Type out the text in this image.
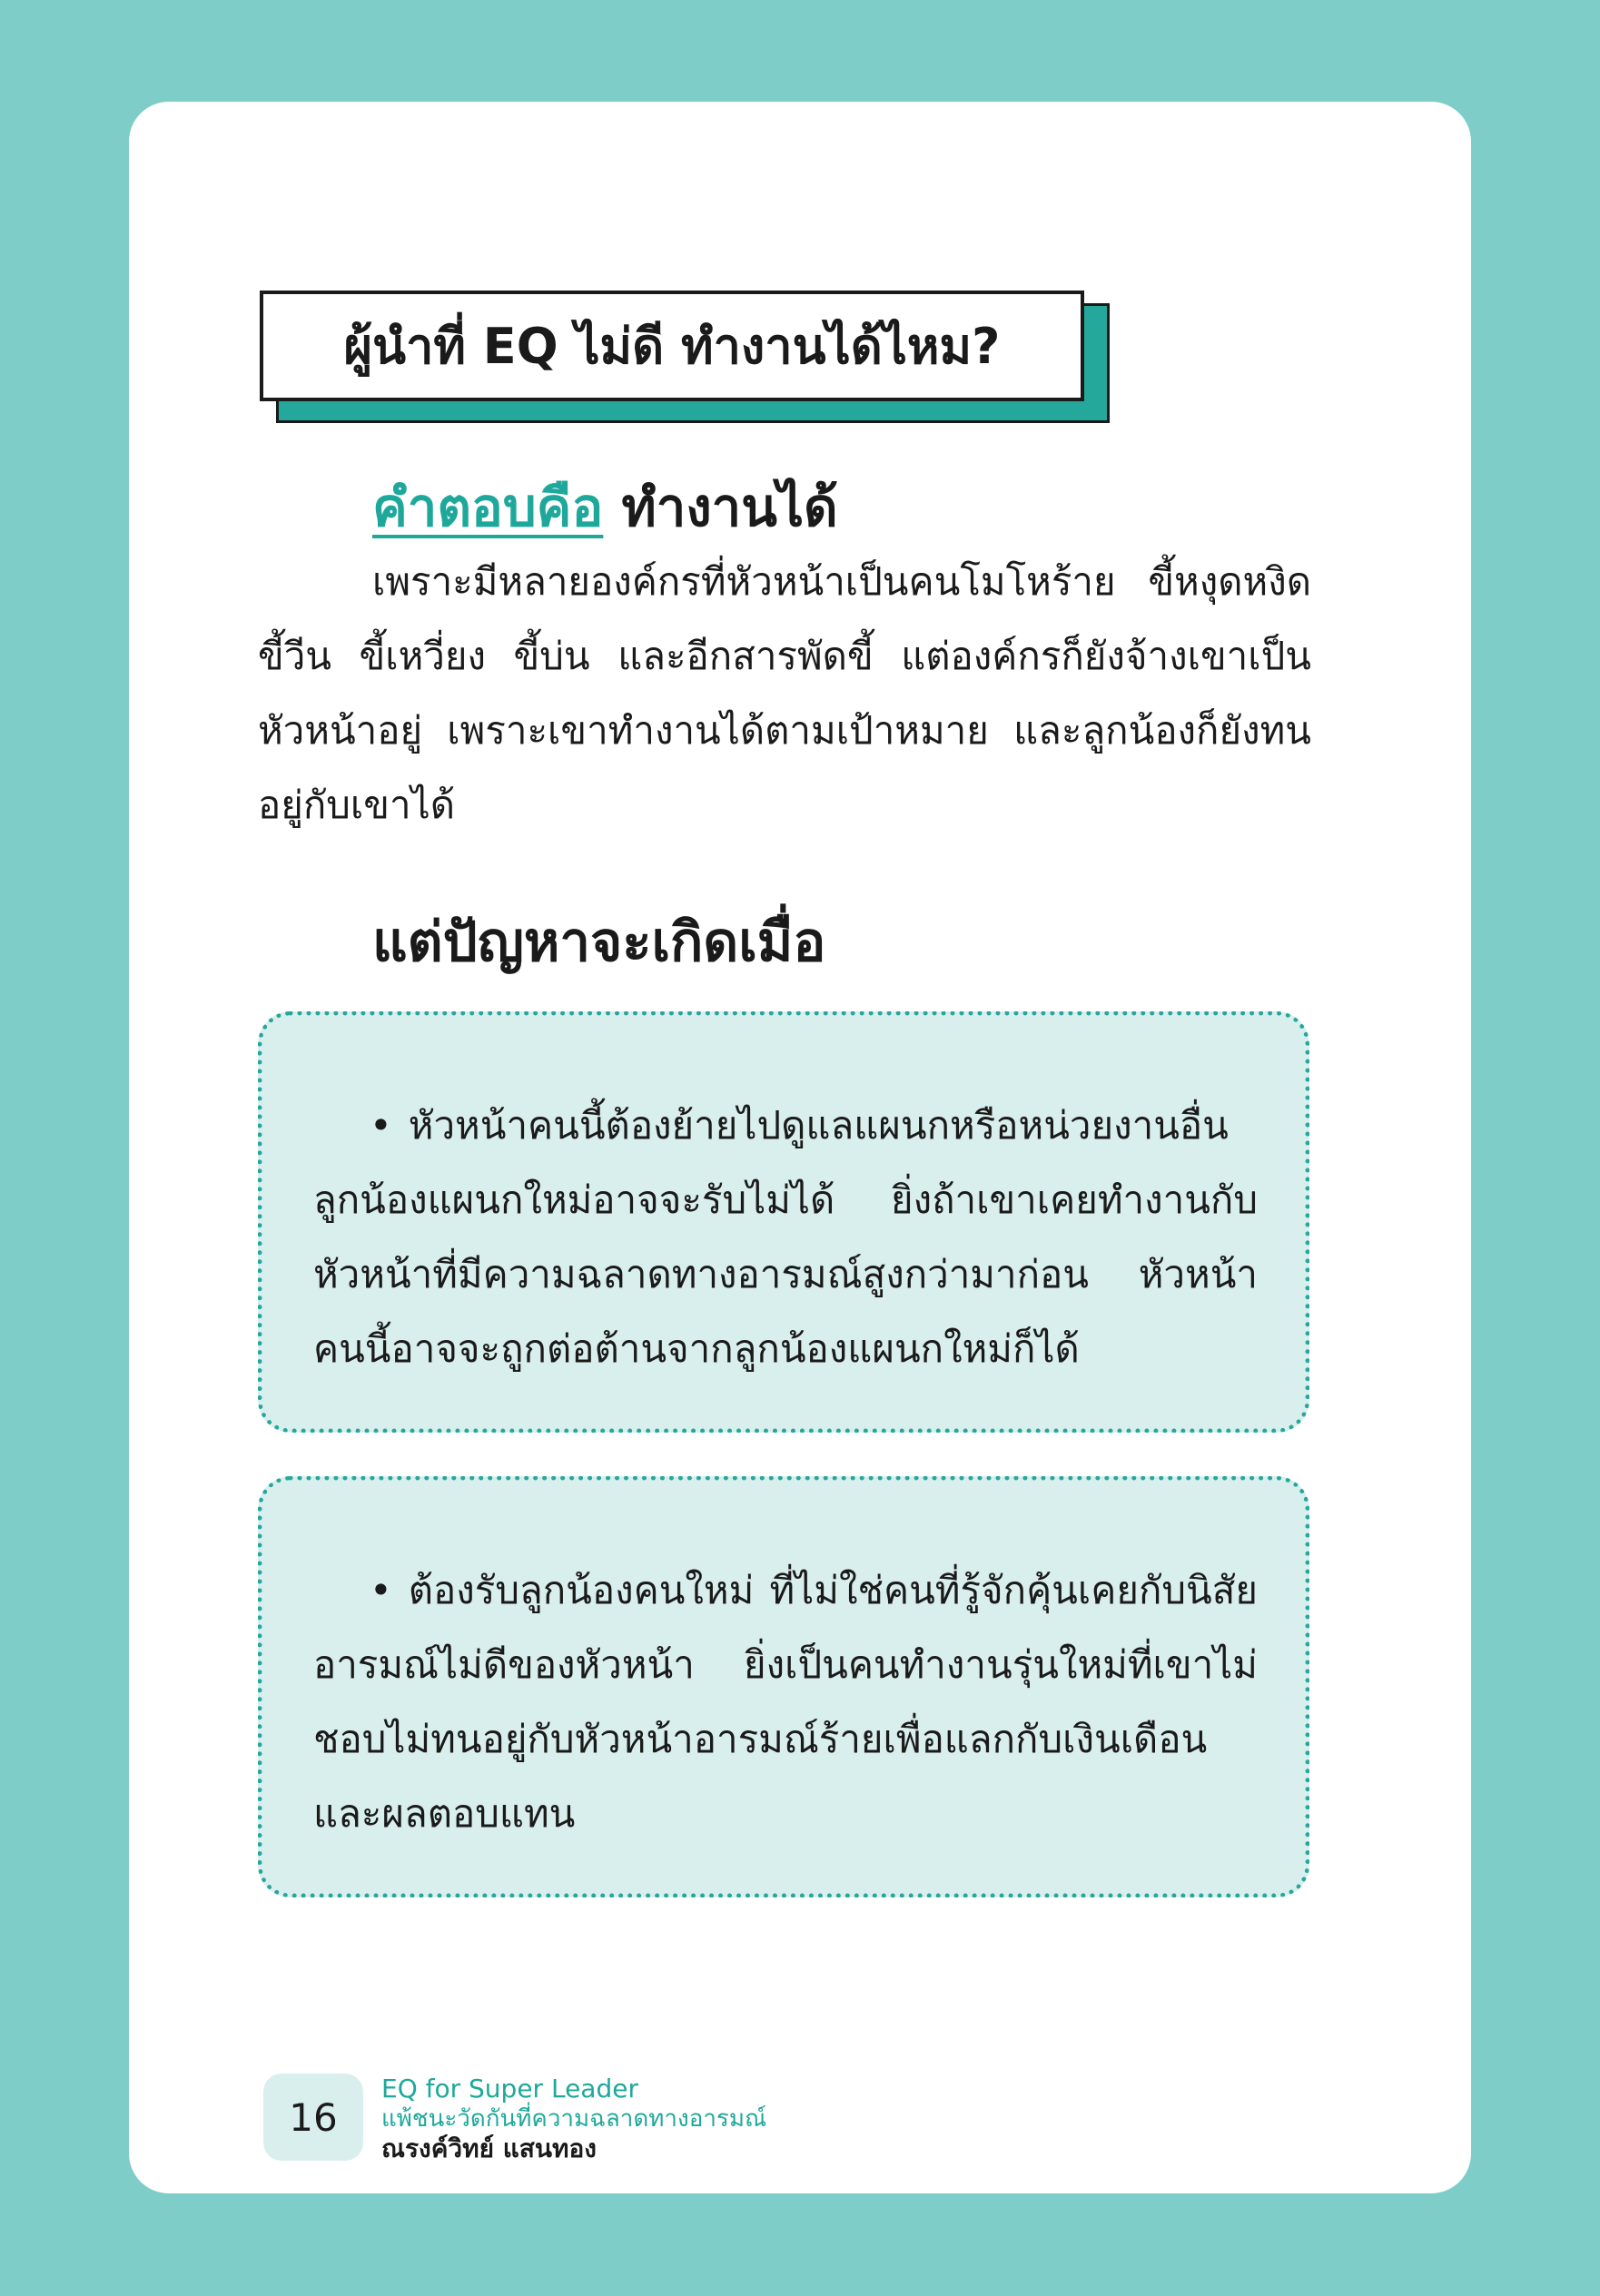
ผู้นำที่ EQ ไม่ดี ทำงานได้ไหม?
คำตอบคือ ทำงานได้
เพราะมีหลายองค์กรที่หัวหน้าเป็นคนโมโหร้าย ขี้หงุดหงิด ขี้วีน ขี้เหวี่ยง ขี้บ่น และอีกสารพัดขี้ แต่องค์กรก็ยังจ้างเขาเป็นหัวหน้าอยู่ เพราะเขาทำงานได้ตามเป้าหมาย และลูกน้องก็ยังทนอยู่กับเขาได้
แต่ปัญหาจะเกิดเมื่อ
• หัวหน้าคนนี้ต้องย้ายไปดูแลแผนกหรือหน่วยงานอื่น ลูกน้องแผนกใหม่อาจจะรับไม่ได้ ยิ่งถ้าเขาเคยทำงานกับหัวหน้าที่มีความฉลาดทางอารมณ์สูงกว่ามาก่อน หัวหน้าคนนี้อาจจะถูกต่อต้านจากลูกน้องแผนกใหม่ก็ได้
• ต้องรับลูกน้องคนใหม่ ที่ไม่ใช่คนที่รู้จักคุ้นเคยกับนิสัยอารมณ์ไม่ดีของหัวหน้า ยิ่งเป็นคนทำงานรุ่นใหม่ที่เขาไม่ชอบไม่ทนอยู่กับหัวหน้าอารมณ์ร้ายเพื่อแลกกับเงินเดือนและผลตอบแทน
16
EQ for Super Leader
แพ้ชนะวัดกันที่ความฉลาดทางอารมณ์
ณรงค์วิทย์ แสนทอง
